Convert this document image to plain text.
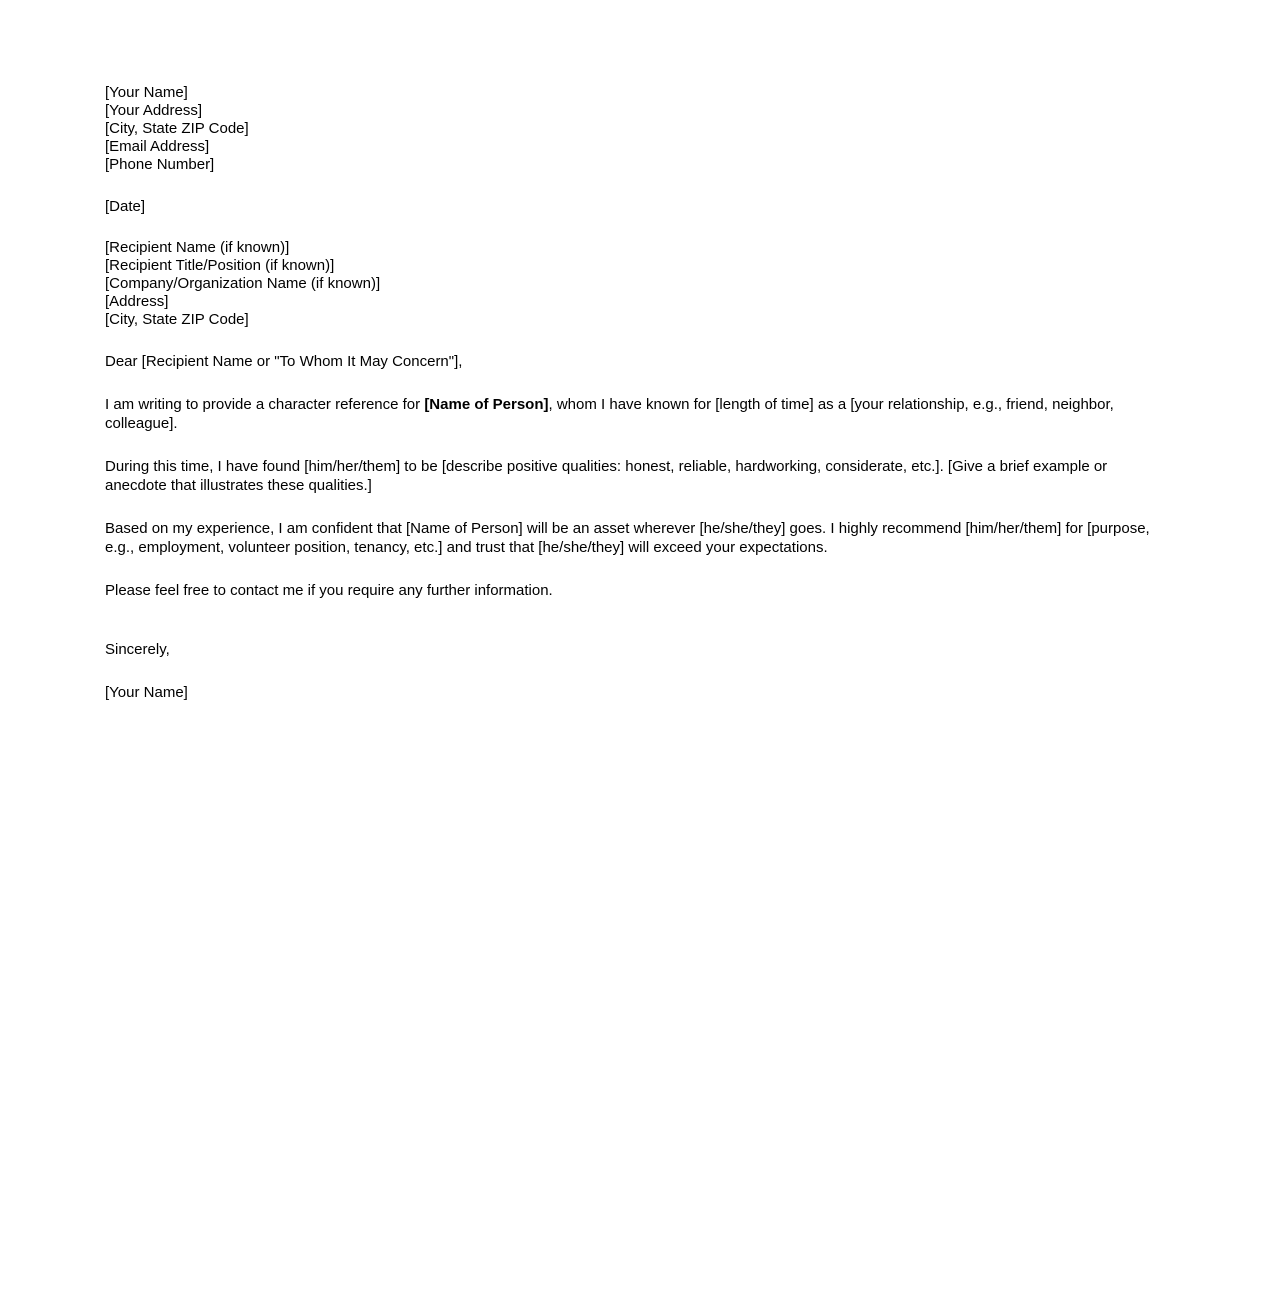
[Your Name]
[Your Address]
[City, State ZIP Code]
[Email Address]
[Phone Number]
[Date]
[Recipient Name (if known)]
[Recipient Title/Position (if known)]
[Company/Organization Name (if known)]
[Address]
[City, State ZIP Code]
Dear [Recipient Name or "To Whom It May Concern"],
I am writing to provide a character reference for [Name of Person], whom I have known for [length of time] as a [your relationship, e.g., friend, neighbor, colleague].
During this time, I have found [him/her/them] to be [describe positive qualities: honest, reliable, hardworking, considerate, etc.]. [Give a brief example or anecdote that illustrates these qualities.]
Based on my experience, I am confident that [Name of Person] will be an asset wherever [he/she/they] goes. I highly recommend [him/her/them] for [purpose, e.g., employment, volunteer position, tenancy, etc.] and trust that [he/she/they] will exceed your expectations.
Please feel free to contact me if you require any further information.
Sincerely,
[Your Name]
